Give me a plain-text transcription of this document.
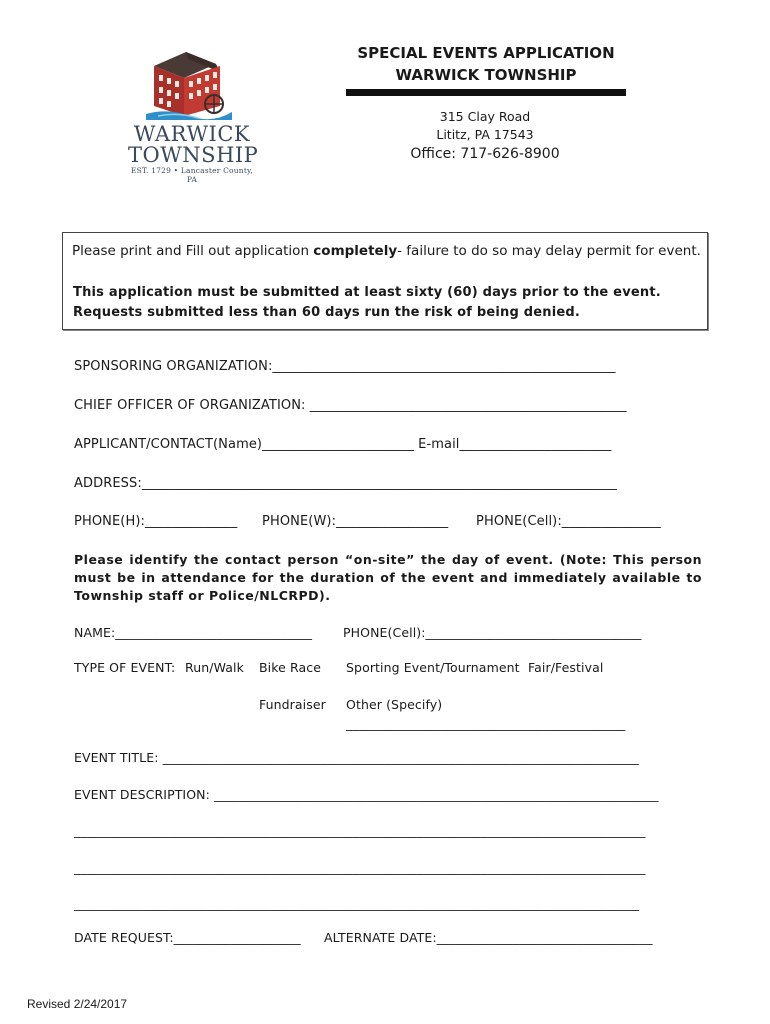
WARWICK
TOWNSHIP
EST. 1729 • Lancaster County, PA
SPECIAL EVENTS APPLICATION
WARWICK TOWNSHIP
315 Clay Road
Lititz, PA 17543
Office: 717-626-8900
Please print and Fill out application completely- failure to do so may delay permit for event.
This application must be submitted at least sixty (60) days prior to the event. Requests submitted less than 60 days run the risk of being denied.
SPONSORING ORGANIZATION:____________________________________________________
CHIEF OFFICER OF ORGANIZATION: ________________________________________________
APPLICANT/CONTACT(Name)_______________________ E-mail_______________________
ADDRESS:________________________________________________________________________
PHONE(H):______________ PHONE(W):_________________ PHONE(Cell):_______________
Please identify the contact person “on-site” the day of event. (Note: This person must be in attendance for the duration of the event and immediately available to Township staff or Police/NLCRPD).
NAME:_______________________________ PHONE(Cell):__________________________________
TYPE OF EVENT: Run/Walk Bike Race Sporting Event/Tournament Fair/Festival
Fundraiser Other (Specify)
____________________________________________
EVENT TITLE: ___________________________________________________________________________
EVENT DESCRIPTION: ______________________________________________________________________
__________________________________________________________________________________________
__________________________________________________________________________________________
_________________________________________________________________________________________
DATE REQUEST:____________________ ALTERNATE DATE:__________________________________
Revised 2/24/2017
